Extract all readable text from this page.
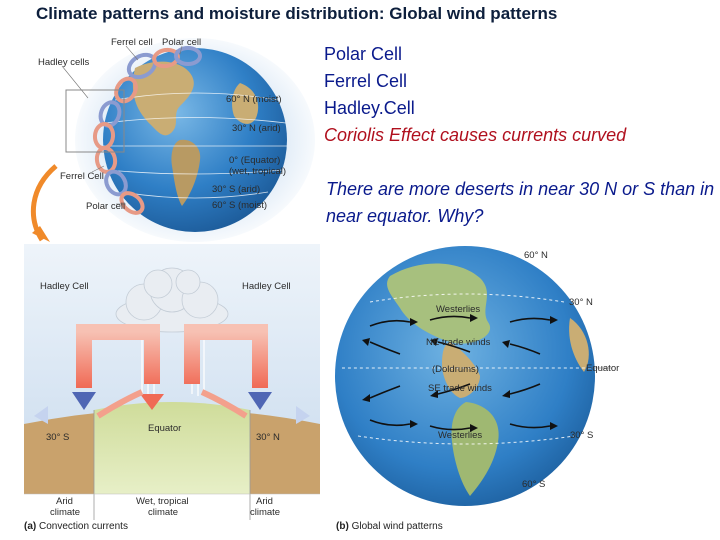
Climate patterns and moisture distribution: Global wind patterns
Polar Cell
Ferrel Cell
Hadley.Cell
Coriolis Effect causes currents curved
There are more deserts in near 30 N or S than in near equator. Why?
Ferrel cell Polar cell
Hadley cells
60° N (moist)
30° N (arid)
0° (Equator)
(wet, tropical)
Ferrel Cell
30° S (arid)
Polar cell	60° S (moist)
Hadley Cell	Hadley Cell
30° S	30° N
Equator
Arid
climate
Wet, tropical
climate
Arid
climate
(a) Convection currents
60° N
30° N
Westerlies
NE trade winds
(Doldrums)	Equator
SE trade winds
Westerlies	30° S
60° S
(b) Global wind patterns
